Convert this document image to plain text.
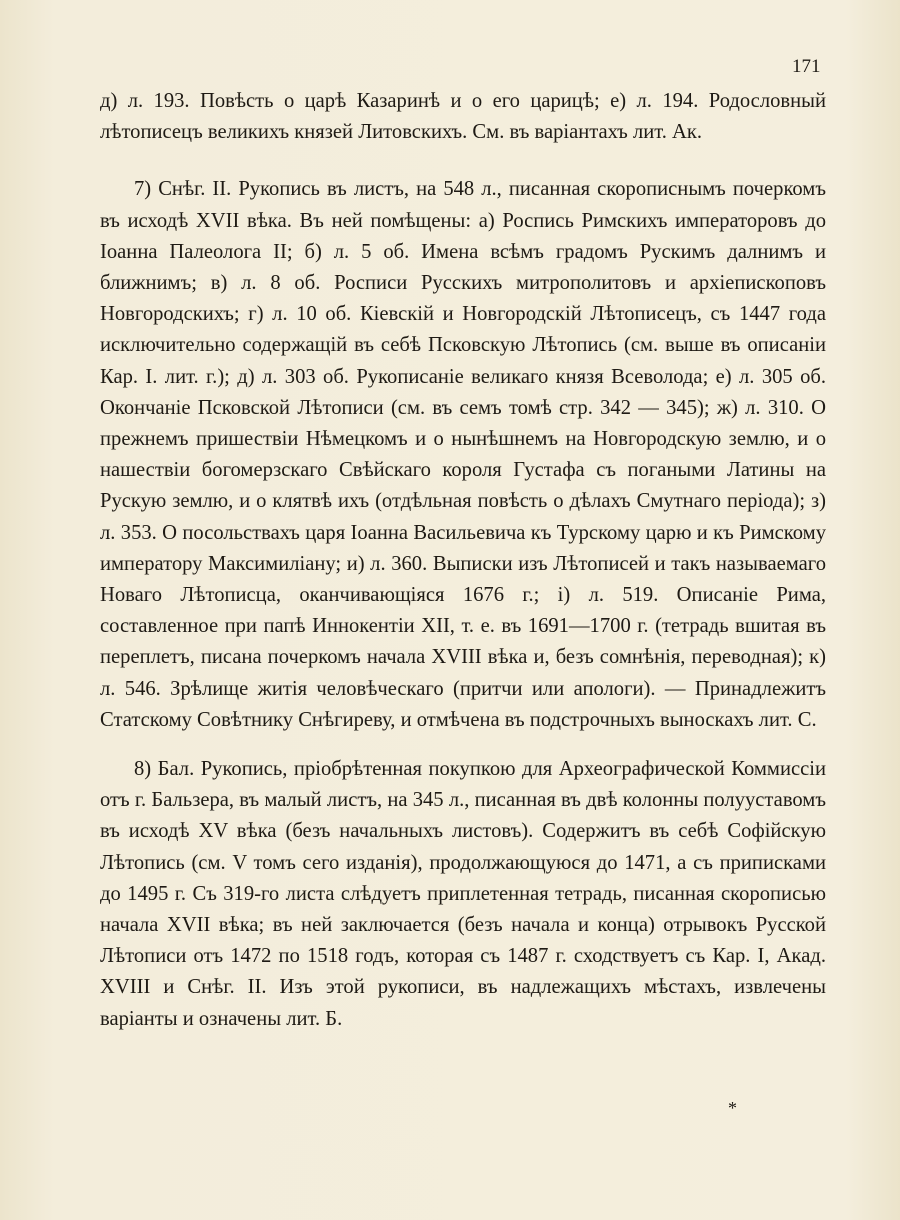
171

д) л. 193. Повѣсть о царѣ Казаринѣ и о его царицѣ; е) л. 194. Родословный лѣтописецъ великихъ князей Литовскихъ. См. въ варіантахъ лит. Ак.

7) Снѣг. II. Рукопись въ листъ, на 548 л., писанная скорописнымъ почеркомъ въ исходѣ XVII вѣка. Въ ней помѣщены: а) Роспись Римскихъ императоровъ до Іоанна Палеолога II; б) л. 5 об. Имена всѣмъ градомъ Рускимъ далнимъ и ближнимъ; в) л. 8 об. Росписи Русскихъ митрополитовъ и архіепископовъ Новгородскихъ; г) л. 10 об. Кіевскій и Новгородскій Лѣтописецъ, съ 1447 года исключительно содержащій въ себѣ Псковскую Лѣтопись (см. выше въ описаніи Кар. I. лит. г.); д) л. 303 об. Рукописаніе великаго князя Всеволода; е) л. 305 об. Окончаніе Псковской Лѣтописи (см. въ семъ томѣ стр. 342 — 345); ж) л. 310. О прежнемъ пришествіи Нѣмецкомъ и о нынѣшнемъ на Новгородскую землю, и о нашествіи богомерзскаго Свѣйскаго короля Густафа съ погаными Латины на Рускую землю, и о клятвѣ ихъ (отдѣльная повѣсть о дѣлахъ Смутнаго періода); з) л. 353. О посольствахъ царя Іоанна Васильевича къ Турскому царю и къ Римскому императору Максимиліану; и) л. 360. Выписки изъ Лѣтописей и такъ называемаго Новаго Лѣтописца, оканчивающіяся 1676 г.; і) л. 519. Описаніе Рима, составленное при папѣ Иннокентіи XII, т. е. въ 1691—1700 г. (тетрадь вшитая въ переплетъ, писана почеркомъ начала XVIII вѣка и, безъ сомнѣнія, переводная); к) л. 546. Зрѣлище житія человѣческаго (притчи или апологи). — Принадлежитъ Статскому Совѣтнику Снѣгиреву, и отмѣчена въ подстрочныхъ выноскахъ лит. С.

8) Бал. Рукопись, пріобрѣтенная покупкою для Археографической Коммиссіи отъ г. Бальзера, въ малый листъ, на 345 л., писанная въ двѣ колонны полууставомъ въ исходѣ XV вѣка (безъ начальныхъ листовъ). Содержитъ въ себѣ Софійскую Лѣтопись (см. V томъ сего изданія), продолжающуюся до 1471, а съ приписками до 1495 г. Съ 319-го листа слѣдуетъ приплетенная тетрадь, писанная скорописью начала XVII вѣка; въ ней заключается (безъ начала и конца) отрывокъ Русской Лѣтописи отъ 1472 по 1518 годъ, которая съ 1487 г. сходствуетъ съ Кар. I, Акад. XVIII и Снѣг. II. Изъ этой рукописи, въ надлежащихъ мѣстахъ, извлечены варіанты и означены лит. Б.

*
